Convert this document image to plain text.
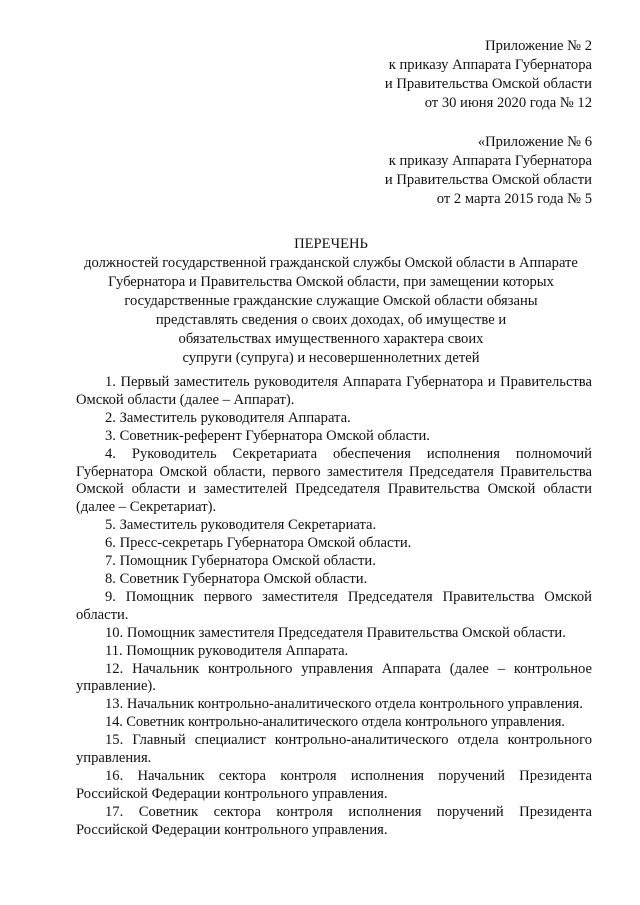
Приложение № 2
к приказу Аппарата Губернатора
и Правительства Омской области
от 30 июня 2020 года № 12
«Приложение № 6
к приказу Аппарата Губернатора
и Правительства Омской области
от 2 марта 2015 года № 5
ПЕРЕЧЕНЬ
должностей государственной гражданской службы Омской области в Аппарате
Губернатора и Правительства Омской области, при замещении которых
государственные гражданские служащие Омской области обязаны
представлять сведения о своих доходах, об имуществе и
обязательствах имущественного характера своих
супруги (супруга) и несовершеннолетних детей

1. Первый заместитель руководителя Аппарата Губернатора и Правительства Омской области (далее – Аппарат).

2. Заместитель руководителя Аппарата.

3. Советник-референт Губернатора Омской области.

4. Руководитель Секретариата обеспечения исполнения полномочий Губернатора Омской области, первого заместителя Председателя Правительства Омской области и заместителей Председателя Правительства Омской области (далее – Секретариат).

5. Заместитель руководителя Секретариата.

6. Пресс-секретарь Губернатора Омской области.

7. Помощник Губернатора Омской области.

8. Советник Губернатора Омской области.

9. Помощник первого заместителя Председателя Правительства Омской области.

10. Помощник заместителя Председателя Правительства Омской области.

11. Помощник руководителя Аппарата.

12. Начальник контрольного управления Аппарата (далее – контрольное управление).

13. Начальник контрольно-аналитического отдела контрольного управления.

14. Советник контрольно-аналитического отдела контрольного управления.

15. Главный специалист контрольно-аналитического отдела контрольного управления.

16. Начальник сектора контроля исполнения поручений Президента Российской Федерации контрольного управления.

17. Советник сектора контроля исполнения поручений Президента Российской Федерации контрольного управления.
